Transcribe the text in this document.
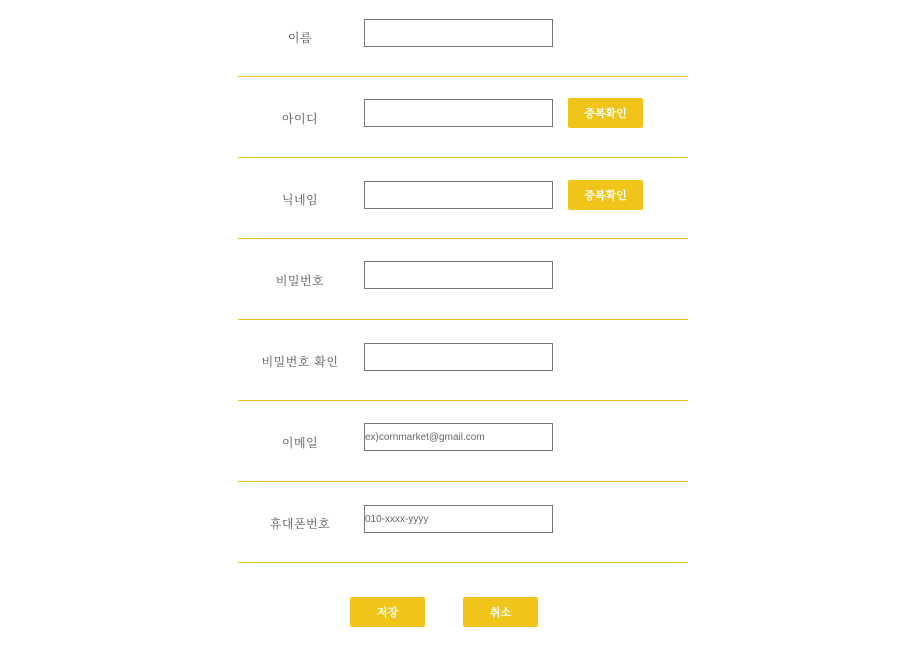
이름
아이디	중복확인
닉네임	중복확인
비밀번호
비밀번호 확인
이메일
ex)cornmarket@gmail.com
휴대폰번호
010-xxxx-yyyy
저장	취소
